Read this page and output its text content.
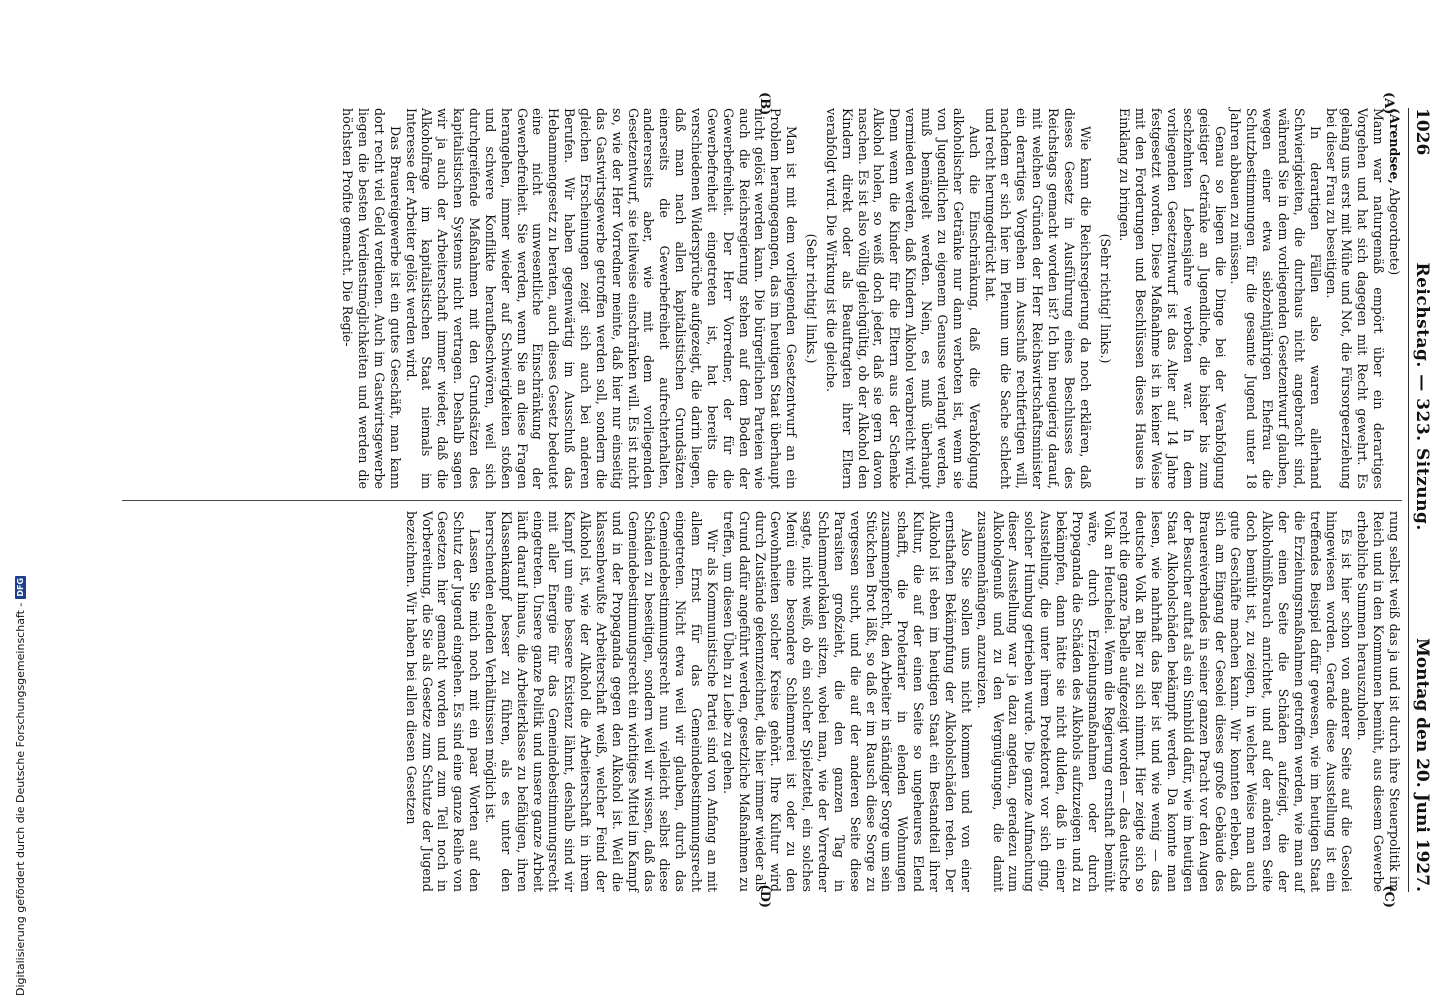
1026
Reichstag. — 323. Sitzung.
Montag den 20. Juni 1927.
(A)
(B)

(Arendsee, Abgeordnete)

Mann war naturgemäß empört über ein derartiges Vorgehen und hat sich dagegen mit Recht gewehrt. Es gelang uns erst mit Mühe und Not, die Fürsorgeerziehung bei dieser Frau zu beseitigen.

In derartigen Fällen also waren allerhand Schwierigkeiten, die durchaus nicht angebracht sind, während Sie in dem vorliegenden Gesetzentwurf glauben, wegen einer etwa siebzehnjährigen Ehefrau die Schutzbestimmungen für die gesamte Jugend unter 18 Jahren abbauen zu müssen.

Genau so liegen die Dinge bei der Verabfolgung geistiger Getränke an Jugendliche, die bisher bis zum sechzehnten Lebensjahre verboten war. In dem vorliegenden Gesetzentwurf ist das Alter auf 14 Jahre festgesetzt worden. Diese Maßnahme ist in keiner Weise mit den Forderungen und Beschlüssen dieses Hauses in Einklang zu bringen.

(Sehr richtig! links.)

Wie kann die Reichsregierung da noch erklären, daß dieses Gesetz in Ausführung eines Beschlusses des Reichstags gemacht worden ist? Ich bin neugierig darauf, mit welchen Gründen der Herr Reichswirtschaftsminister ein derartiges Vorgehen im Ausschuß rechtfertigen will, nachdem er sich hier im Plenum um die Sache schlecht und recht herumgedrückt hat.

Auch die Einschränkung, daß die Verabfolgung alkoholischer Getränke nur dann verboten ist, wenn sie von Jugendlichen zu eigenem Genusse verlangt werden, muß bemängelt werden. Nein, es muß überhaupt vermieden werden, daß Kindern Alkohol verabreicht wird. Denn wenn die Kinder für die Eltern aus der Schenke Alkohol holen, so weiß doch jeder, daß sie gern davon naschen. Es ist also völlig gleichgültig, ob der Alkohol den Kindern direkt oder als Beauftragten ihrer Eltern verabfolgt wird. Die Wirkung ist die gleiche.

(Sehr richtig! links.)

Man ist mit dem vorliegenden Gesetzentwurf an ein Problem herangegangen, das im heutigen Staat überhaupt nicht gelöst werden kann. Die bürgerlichen Parteien wie auch die Reichsregierung stehen auf dem Boden der Gewerbefreiheit. Der Herr Vorredner, der für die Gewerbefreiheit eingetreten ist, hat bereits die verschiedenen Widersprüche aufgezeigt, die darin liegen, daß man nach allen kapitalistischen Grundsätzen einerseits die Gewerbefreiheit aufrechterhalten, andererseits aber, wie mit dem vorliegenden Gesetzentwurf, sie teilweise einschränken will. Es ist nicht so, wie der Herr Vorredner meinte, daß hier nur einseitig das Gastwirtsgewerbe getroffen werden soll, sondern die gleichen Erscheinungen zeigt sich auch bei anderen Berufen. Wir haben gegenwärtig im Ausschuß das Hebammengesetz zu beraten, auch dieses Gesetz bedeutet eine nicht unwesentliche Einschränkung der Gewerbefreiheit. Sie werden, wenn Sie an diese Fragen herangehen, immer wieder auf Schwierigkeiten stoßen und schwere Konflikte heraufbeschwören, weil sich durchgreifende Maßnahmen mit den Grundsätzen des kapitalistischen Systems nicht vertragen. Deshalb sagen wir ja auch der Arbeiterschaft immer wieder, daß die Alkoholfrage im kapitalistischen Staat niemals im Interesse der Arbeiter gelöst werden wird.

Das Brauereigewerbe ist ein gutes Geschäft, man kann dort recht viel Geld verdienen. Auch im Gastwirtsgewerbe liegen die besten Verdienstmöglichkeiten und werden die höchsten Profite gemacht. Die Regie-

(C)
(D)

rung selbst weiß das ja und ist durch ihre Steuerpolitik im Reich und in den Kommunen bemüht, aus diesem Gewerbe erhebliche Summen herauszuholen.

Es ist hier schon von anderer Seite auf die Gesolei hingewiesen worden. Gerade diese Ausstellung ist ein treffendes Beispiel dafür gewesen, wie im heutigen Staat die Erziehungsmaßnahmen getroffen werden, wie man auf der einen Seite die Schäden aufzeigt, die der Alkoholmißbrauch anrichtet, und auf der anderen Seite doch bemüht ist, zu zeigen, in welcher Weise man auch gute Geschäfte machen kann. Wir konnten erleben, daß sich am Eingang der Gesolei dieses große Gebäude des Brauereiverbandes in seiner ganzen Pracht vor den Augen der Besucher auftat als ein Sinnbild dafür, wie im heutigen Staat Alkoholschäden bekämpft werden. Da konnte man lesen, wie nahrhaft das Bier ist und wie wenig — das deutsche Volk an Bier zu sich nimmt. Hier zeigte sich so recht die ganze Tabelle aufgezeigt worden — das deutsche Volk an Heuchelei. Wenn die Regierung ernsthaft bemüht wäre, durch Erziehungsmaßnahmen oder durch Propaganda die Schäden des Alkohols aufzuzeigen und zu bekämpfen, dann hätte sie nicht dulden, daß in einer Ausstellung, die unter ihrem Protektorat vor sich ging, solcher Humbug getrieben wurde. Die ganze Aufmachung dieser Ausstellung war ja dazu angetan, geradezu zum Alkoholgenuß und zu den Vergnügungen, die damit zusammenhängen, anzureizen.

Also Sie sollen uns nicht kommen und von einer ernsthaften Bekämpfung der Alkoholschäden reden. Der Alkohol ist eben im heutigen Staat ein Bestandteil ihrer Kultur, die auf der einen Seite so ungeheures Elend schafft, die Proletarier in elenden Wohnungen zusammenpfercht, den Arbeiter in ständiger Sorge um sein Stückchen Brot läßt, so daß er im Rausch diese Sorge zu vergessen sucht, und die auf der anderen Seite diese Parasiten großzieht, die den ganzen Tag in Schlemmerlokalen sitzen, wobei man, wie der Vorredner sagte, nicht weiß, ob ein solcher Spielzettel, ein solches Menü eine besondere Schlemmerei ist oder zu den Gewohnheiten solcher Kreise gehört. Ihre Kultur wird durch Zustände gekennzeichnet, die hier immer wieder als Grund dafür angeführt werden, gesetzliche Maßnahmen zu treffen, um diesen Übeln zu Leibe zu gehen.

Wir als Kommunistische Partei sind von Anfang an mit allem Ernst für das Gemeindebestimmungsrecht eingetreten. Nicht etwa weil wir glauben, durch das Gemeindebestimmungsrecht nun vielleicht selbst diese Schäden zu beseitigen, sondern weil wir wissen, daß das Gemeindebestimmungsrecht ein wichtiges Mittel im Kampf und in der Propaganda gegen den Alkohol ist. Weil die klassenbewußte Arbeiterschaft weiß, welcher Feind der Alkohol ist, wie der Alkohol die Arbeiterschaft in ihrem Kampf um eine bessere Existenz lähmt, deshalb sind wir mit aller Energie für das Gemeindebestimmungsrecht eingetreten. Unsere ganze Politik und unsere ganze Arbeit läuft darauf hinaus, die Arbeiterklasse zu befähigen, ihren Klassenkampf besser zu führen, als es unter den herrschenden elenden Verhältnissen möglich ist.

Lassen Sie mich noch mit ein paar Worten auf den Schutz der Jugend eingehen. Es sind eine ganze Reihe von Gesetzen hier gemacht worden und zum Teil noch in Vorbereitung, die Sie als Gesetze zum Schutze der Jugend bezeichnen. Wir haben bei allen diesen Gesetzen

Digitalisierung gefördert durch die Deutsche Forschungsgemeinschaft -
DFG
